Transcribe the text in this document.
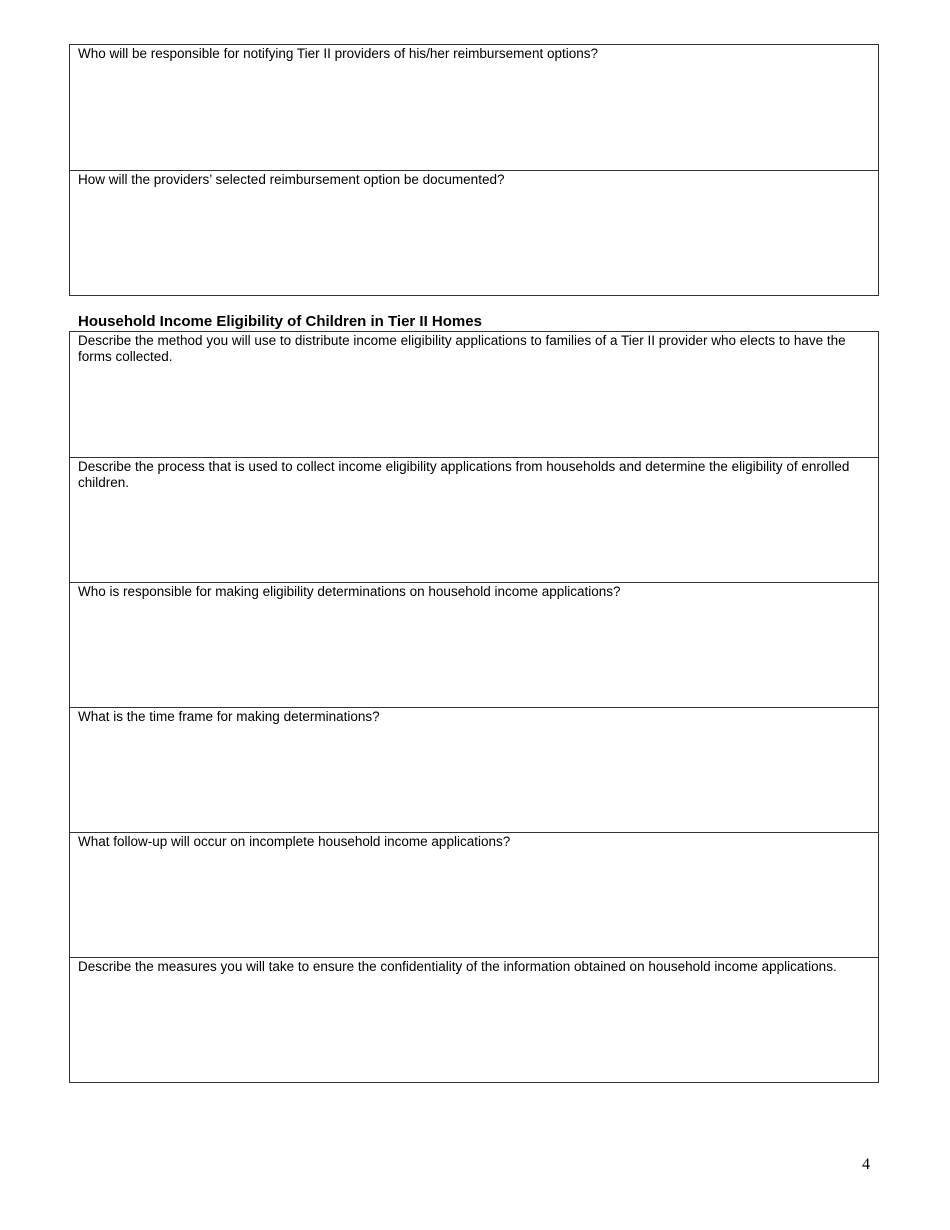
Who will be responsible for notifying Tier II providers of his/her reimbursement options?
How will the providers’ selected reimbursement option be documented?
Household Income Eligibility of Children in Tier II Homes
Describe the method you will use to distribute income eligibility applications to families of a Tier II provider who elects to have the forms collected.
Describe the process that is used to collect income eligibility applications from households and determine the eligibility of enrolled children.
Who is responsible for making eligibility determinations on household income applications?
What is the time frame for making determinations?
What follow-up will occur on incomplete household income applications?
Describe the measures you will take to ensure the confidentiality of the information obtained on household income applications.
4
